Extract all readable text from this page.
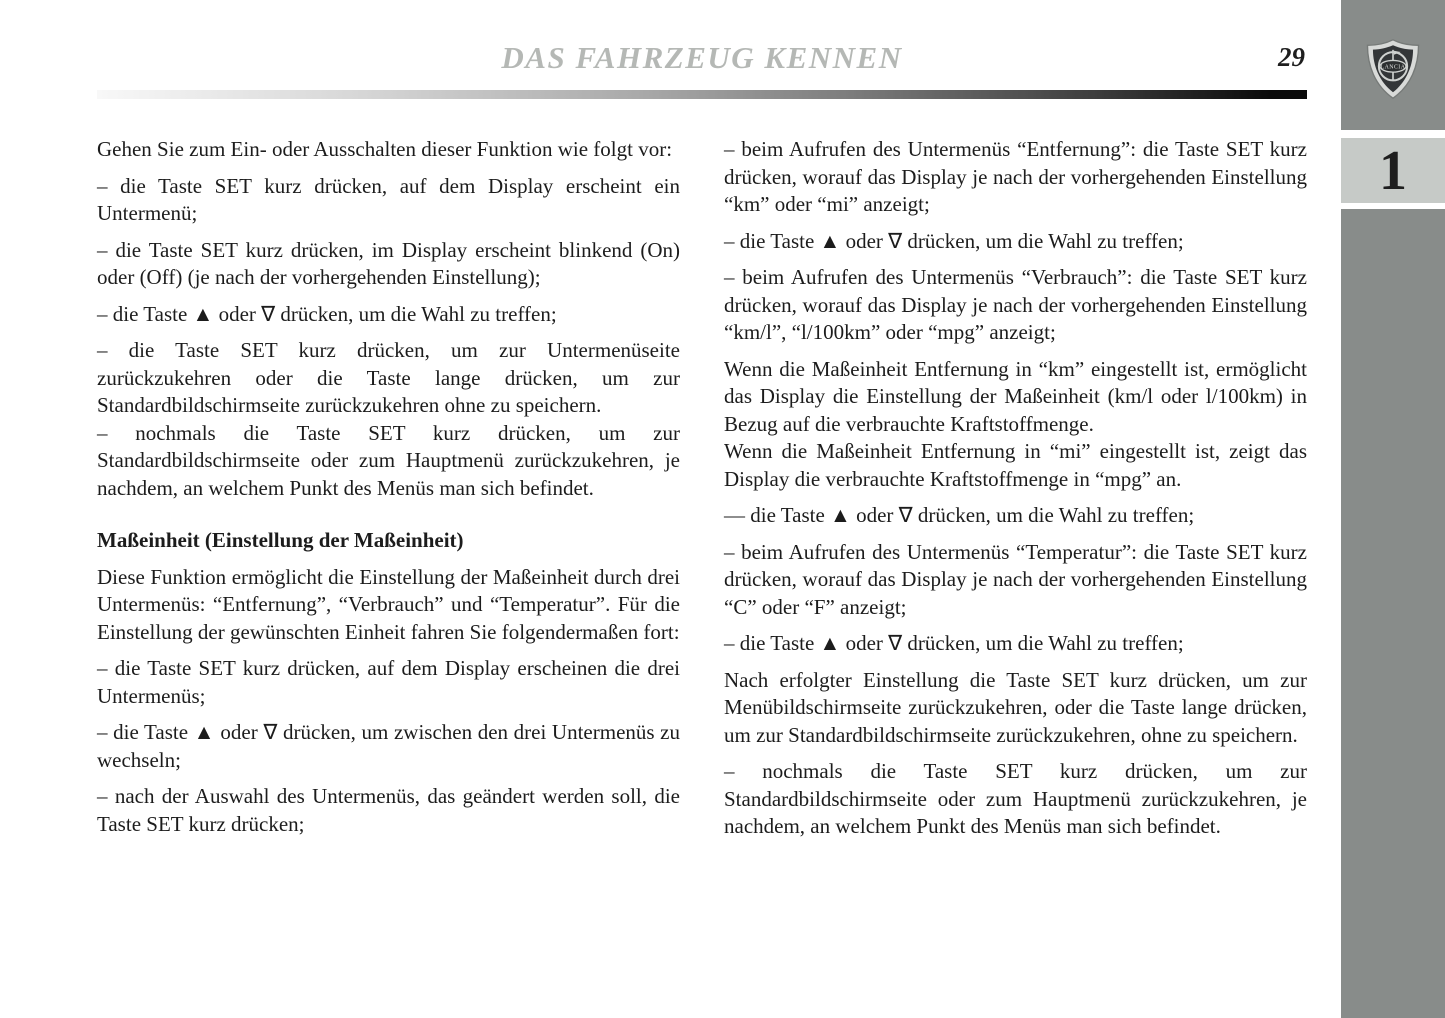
DAS FAHRZEUG KENNEN	29

Gehen Sie zum Ein- oder Ausschalten dieser Funktion wie folgt vor:

– die Taste SET kurz drücken, auf dem Display erscheint ein Untermenü;

– die Taste SET kurz drücken, im Display erscheint blinkend (On) oder (Off) (je nach der vorhergehenden Einstellung);

– die Taste ▲ oder ∇ drücken, um die Wahl zu treffen;

– die Taste SET kurz drücken, um zur Untermenüseite zurückzukehren oder die Taste lange drücken, um zur Standardbildschirmseite zurückzukehren ohne zu speichern.

– nochmals die Taste SET kurz drücken, um zur Standardbildschirmseite oder zum Hauptmenü zurückzukehren, je nachdem, an welchem Punkt des Menüs man sich befindet.

Maßeinheit (Einstellung der Maßeinheit)

Diese Funktion ermöglicht die Einstellung der Maßeinheit durch drei Untermenüs: “Entfernung”, “Verbrauch” und “Temperatur”. Für die Einstellung der gewünschten Einheit fahren Sie folgendermaßen fort:

– die Taste SET kurz drücken, auf dem Display erscheinen die drei Untermenüs;

– die Taste ▲ oder ∇ drücken, um zwischen den drei Untermenüs zu wechseln;

– nach der Auswahl des Untermenüs, das geändert werden soll, die Taste SET kurz drücken;

– beim Aufrufen des Untermenüs “Entfernung”: die Taste SET kurz drücken, worauf das Display je nach der vorhergehenden Einstellung “km” oder “mi” anzeigt;

– die Taste ▲ oder ∇ drücken, um die Wahl zu treffen;

– beim Aufrufen des Untermenüs “Verbrauch”: die Taste SET kurz drücken, worauf das Display je nach der vorhergehenden Einstellung “km/l”, “l/100km” oder “mpg” anzeigt;

Wenn die Maßeinheit Entfernung in “km” eingestellt ist, ermöglicht das Display die Einstellung der Maßeinheit (km/l oder l/100km) in Bezug auf die verbrauchte Kraftstoffmenge.

Wenn die Maßeinheit Entfernung in “mi” eingestellt ist, zeigt das Display die verbrauchte Kraftstoffmenge in “mpg” an.

— die Taste ▲ oder ∇ drücken, um die Wahl zu treffen;

– beim Aufrufen des Untermenüs “Temperatur”: die Taste SET kurz drücken, worauf das Display je nach der vorhergehenden Einstellung “C” oder “F” anzeigt;

– die Taste ▲ oder ∇ drücken, um die Wahl zu treffen;

Nach erfolgter Einstellung die Taste SET kurz drücken, um zur Menübildschirmseite zurückzukehren, oder die Taste lange drücken, um zur Standardbildschirmseite zurückzukehren, ohne zu speichern.

– nochmals die Taste SET kurz drücken, um zur Standardbildschirmseite oder zum Hauptmenü zurückzukehren, je nachdem, an welchem Punkt des Menüs man sich befindet.

LANCIA
1
